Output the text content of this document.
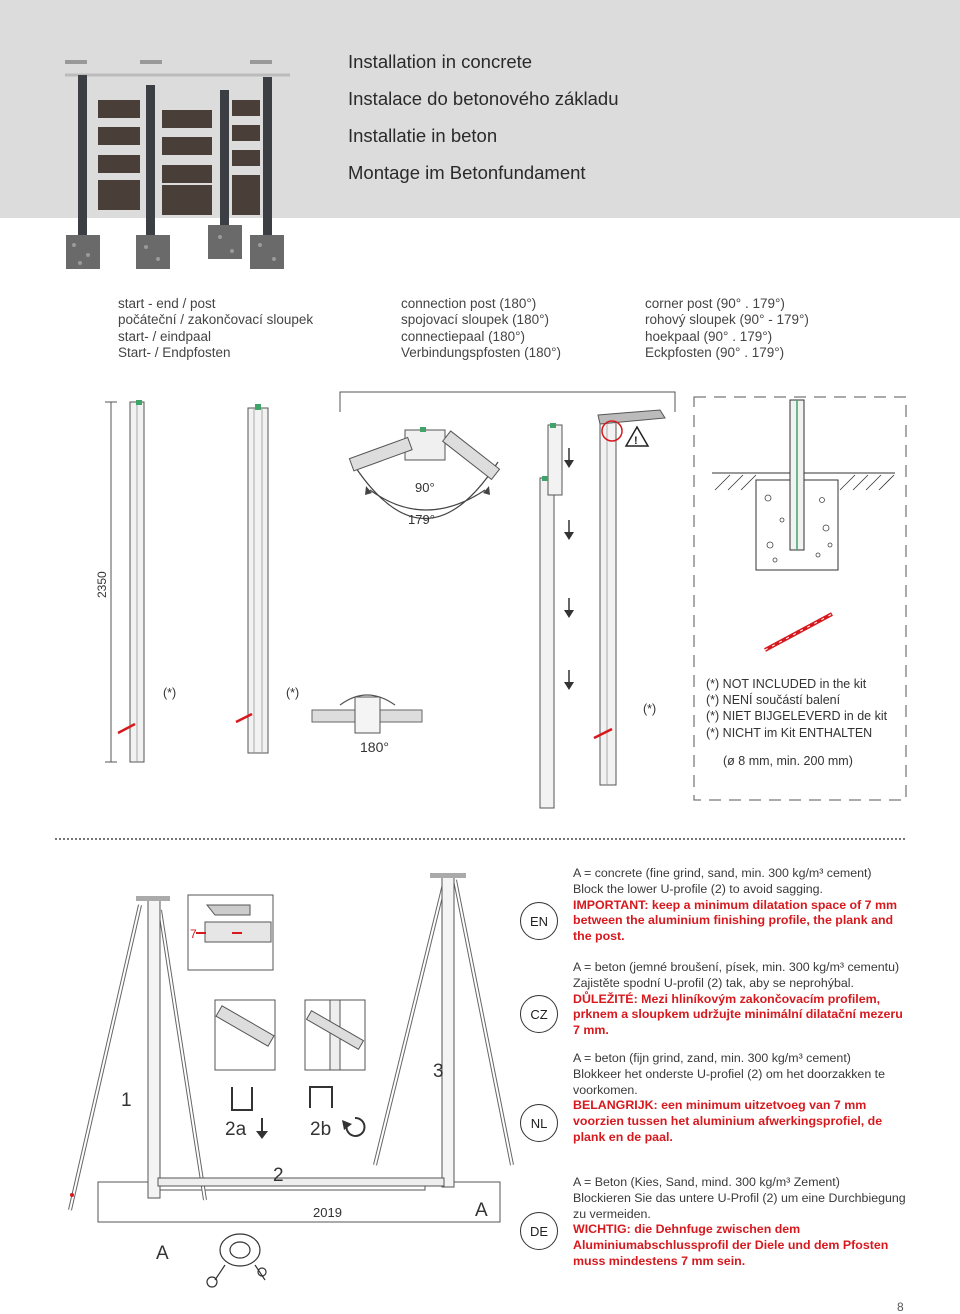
Installation in concrete
Instalace do betonového základu
Installatie in beton
Montage im Betonfundament
start - end / post
počáteční / zakončovací sloupek
start- / eindpaal
Start- / Endpfosten
connection post (180°)
spojovací sloupek (180°)
connectiepaal (180°)
Verbindungspfosten (180°)
corner post (90° . 179°)
rohový sloupek (90° - 179°)
hoekpaal (90° . 179°)
Eckpfosten (90° . 179°)
2350
(*)	(*)
180°
90°
179°
!
(*)
(*) NOT INCLUDED in the kit
(*) NENÍ součástí balení
(*) NIET BIJGELEVERD in de kit
(*) NICHT im Kit ENTHALTEN
(ø 8 mm, min. 200 mm)
7
2a	2b
1
2
3
A
A
2019
EN
A = concrete (fine grind, sand, min. 300 kg/m³ cement)
Block the lower U-profile (2) to avoid sagging.
IMPORTANT: keep a minimum dilatation space of 7 mm between the aluminium finishing profile, the plank and the post.
CZ
A = beton (jemné broušení, písek, min. 300 kg/m³ cementu)
Zajistěte spodní U-profil (2) tak, aby se neprohýbal.
DŮLEŽITÉ: Mezi hliníkovým zakončovacím profilem, prknem a sloupkem udržujte minimální dilatační mezeru 7 mm.
NL
A = beton (fijn grind, zand, min. 300 kg/m³ cement)
Blokkeer het onderste U-profiel (2) om het doorzakken te voorkomen.
BELANGRIJK: een minimum uitzetvoeg van 7 mm voorzien tussen het aluminium afwerkingsprofiel, de plank en de paal.
DE
A = Beton (Kies, Sand, mind. 300 kg/m³ Zement)
Blockieren Sie das untere U-Profil (2) um eine Durchbiegung zu vermeiden.
WICHTIG: die Dehnfuge zwischen dem Aluminiumabschlussprofil der Diele und dem Pfosten muss mindestens 7 mm sein.
8
